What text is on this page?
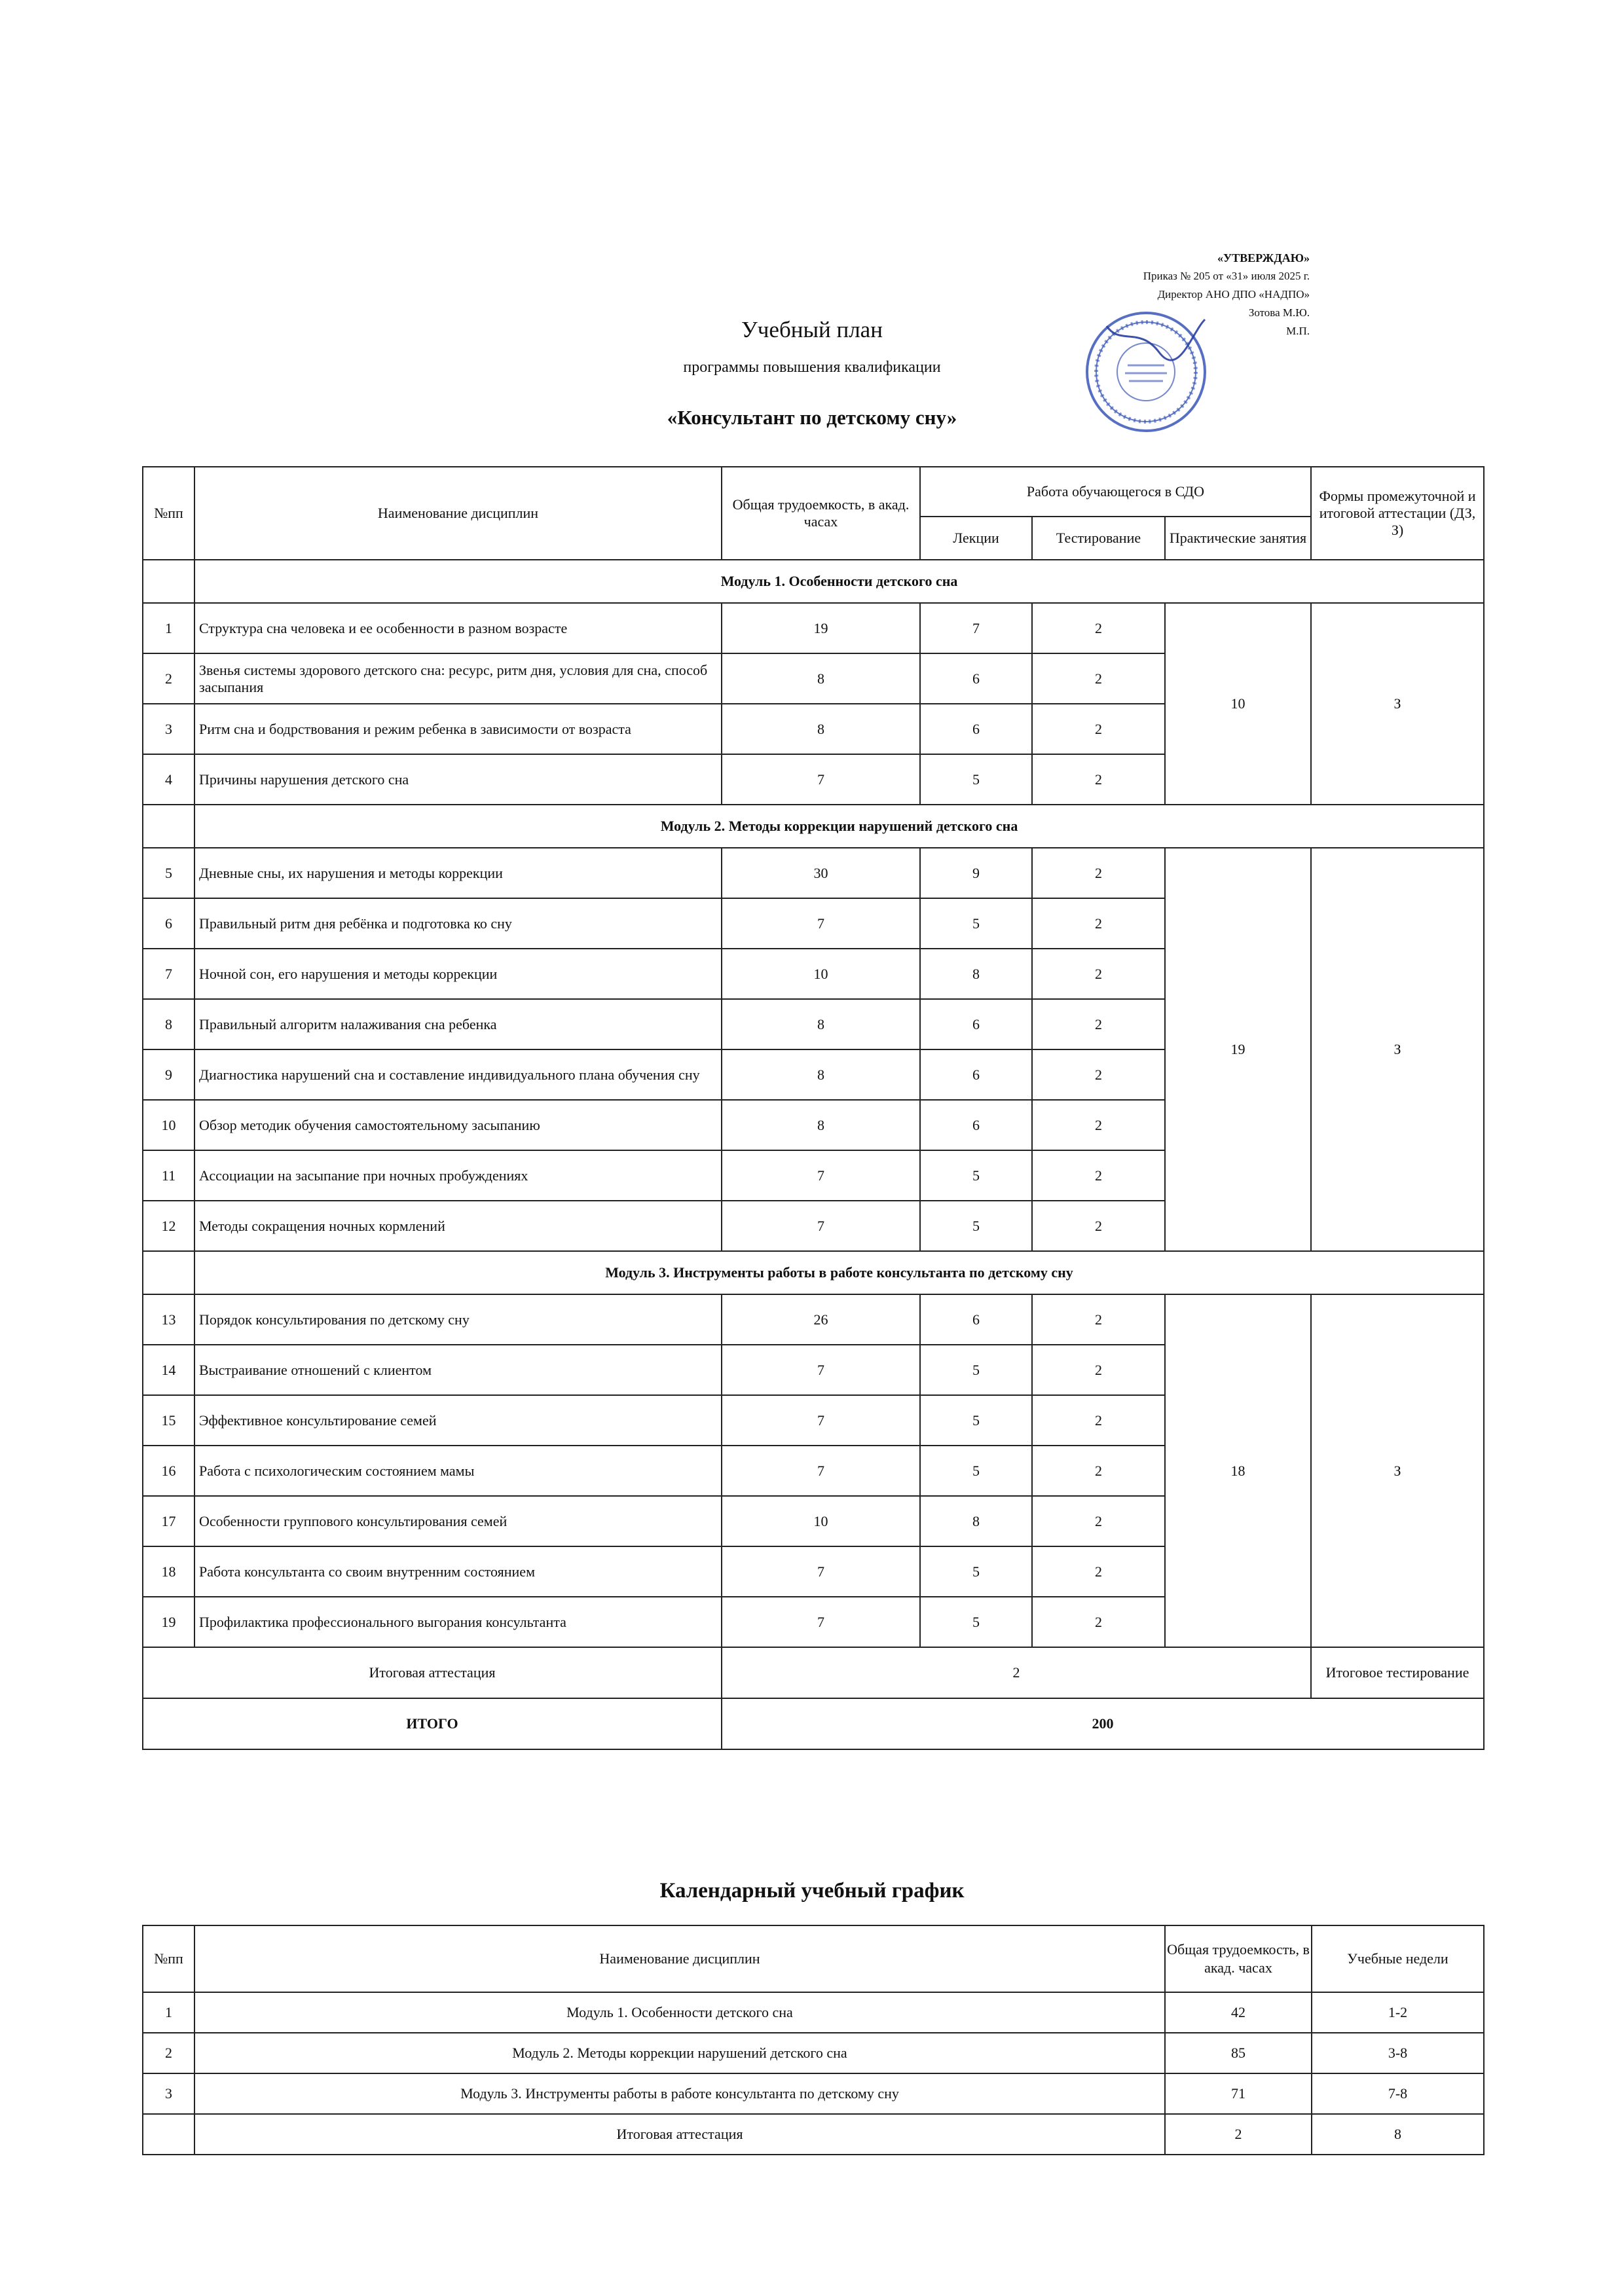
«УТВЕРЖДАЮ»
Приказ № 205 от «31» июля 2025 г.
Директор АНО ДПО «НАДПО»
Зотова М.Ю.
М.П.
Учебный план
программы повышения квалификации
«Консультант по детскому сну»
№пп	Наименование дисциплин	Общая трудоемкость, в акад. часах	Работа обучающегося в СДО			Формы промежуточной и итоговой аттестации (ДЗ, З)
			Лекции	Тестирование	Практические занятия	
	Модуль 1. Особенности детского сна					
1	Структура сна человека и ее особенности в разном возрасте	19	7	2	10	З
2	Звенья системы здорового детского сна: ресурс, ритм дня, условия для сна, способ засыпания	8	6	2		
3	Ритм сна и бодрствования и режим ребенка в зависимости от возраста	8	6	2		
4	Причины нарушения детского сна	7	5	2		
	Модуль 2. Методы коррекции нарушений детского сна					
5	Дневные сны, их нарушения и методы коррекции	30	9	2	19	З
6	Правильный ритм дня ребёнка и подготовка ко сну	7	5	2		
7	Ночной сон, его нарушения и методы коррекции	10	8	2		
8	Правильный алгоритм налаживания сна ребенка	8	6	2		
9	Диагностика нарушений сна и составление индивидуального плана обучения сну	8	6	2		
10	Обзор методик обучения самостоятельному засыпанию	8	6	2		
11	Ассоциации на засыпание при ночных пробуждениях	7	5	2		
12	Методы сокращения ночных кормлений	7	5	2		
	Модуль 3. Инструменты работы в работе консультанта по детскому сну					
13	Порядок консультирования по детскому сну	26	6	2	18	З
14	Выстраивание отношений с клиентом	7	5	2		
15	Эффективное консультирование семей	7	5	2		
16	Работа с психологическим состоянием мамы	7	5	2		
17	Особенности группового консультирования семей	10	8	2		
18	Работа консультанта со своим внутренним состоянием	7	5	2		
19	Профилактика профессионального выгорания консультанта	7	5	2		
Итоговая аттестация		2				Итоговое тестирование
ИТОГО		200				
Календарный учебный график
№пп	Наименование дисциплин	Общая трудоемкость, в акад. часах	Учебные недели
1	Модуль 1. Особенности детского сна	42	1-2
2	Модуль 2. Методы коррекции нарушений детского сна	85	3-8
3	Модуль 3. Инструменты работы в работе консультанта по детскому сну	71	7-8
	Итоговая аттестация	2	8
